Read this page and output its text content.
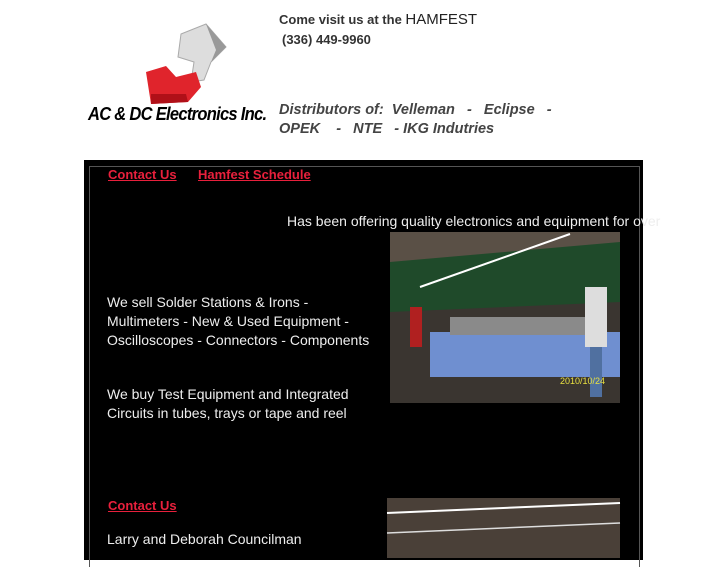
AC & DC Electronics Inc.
Come visit us at the HAMFEST
(336) 449-9960
Distributors of:  Velleman   -   Eclipse   -
OPEK    -   NTE   - IKG Indutries
Contact Us Hamfest Schedule
Has been offering quality electronics and equipment for over
2010/10/24
We sell Solder Stations & Irons - Multimeters - New & Used Equipment - Oscilloscopes - Connectors - Components
We buy Test Equipment and Integrated Circuits in tubes, trays or tape and reel
Contact Us
Larry and Deborah Councilman
